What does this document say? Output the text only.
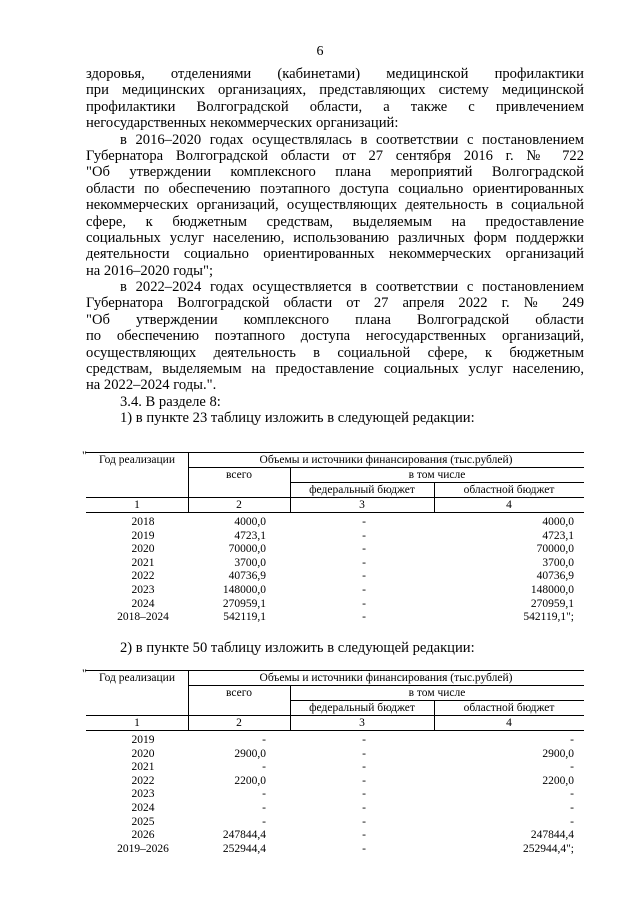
6
здоровья, отделениями (кабинетами) медицинской профилактики
при медицинских организациях, представляющих систему медицинской
профилактики Волгоградской области, а также с привлечением
негосударственных некоммерческих организаций:
в 2016–2020 годах осуществлялась в соответствии с постановлением
Губернатора Волгоградской области от 27 сентября 2016 г. № 722
"Об утверждении комплексного плана мероприятий Волгоградской
области по обеспечению поэтапного доступа социально ориентированных
некоммерческих организаций, осуществляющих деятельность в социальной
сфере, к бюджетным средствам, выделяемым на предоставление
социальных услуг населению, использованию различных форм поддержки
деятельности социально ориентированных некоммерческих организаций
на 2016–2020 годы";
в 2022–2024 годах осуществляется в соответствии с постановлением
Губернатора Волгоградской области от 27 апреля 2022 г. № 249
"Об утверждении комплексного плана Волгоградской области
по обеспечению поэтапного доступа негосударственных организаций,
осуществляющих деятельность в социальной сфере, к бюджетным
средствам, выделяемым на предоставление социальных услуг населению,
на 2022–2024 годы.".
3.4. В разделе 8:
1) в пункте 23 таблицу изложить в следующей редакции:
"	Год реализации	Объемы и источники финансирования (тыс.рублей)
всего	в том числе
федеральный бюджет	областной бюджет
1	2	3	4
2018	4000,0	-	4000,0
2019	4723,1	-	4723,1
2020	70000,0	-	70000,0
2021	3700,0	-	3700,0
2022	40736,9	-	40736,9
2023	148000,0	-	148000,0
2024	270959,1	-	270959,1
2018–2024	542119,1	-	542119,1";
2) в пункте 50 таблицу изложить в следующей редакции:
"	Год реализации	Объемы и источники финансирования (тыс.рублей)
всего	в том числе
федеральный бюджет	областной бюджет
1	2	3	4
2019	-	-	-
2020	2900,0	-	2900,0
2021	-	-	-
2022	2200,0	-	2200,0
2023	-	-	-
2024	-	-	-
2025	-	-	-
2026	247844,4	-	247844,4
2019–2026	252944,4	-	252944,4";
